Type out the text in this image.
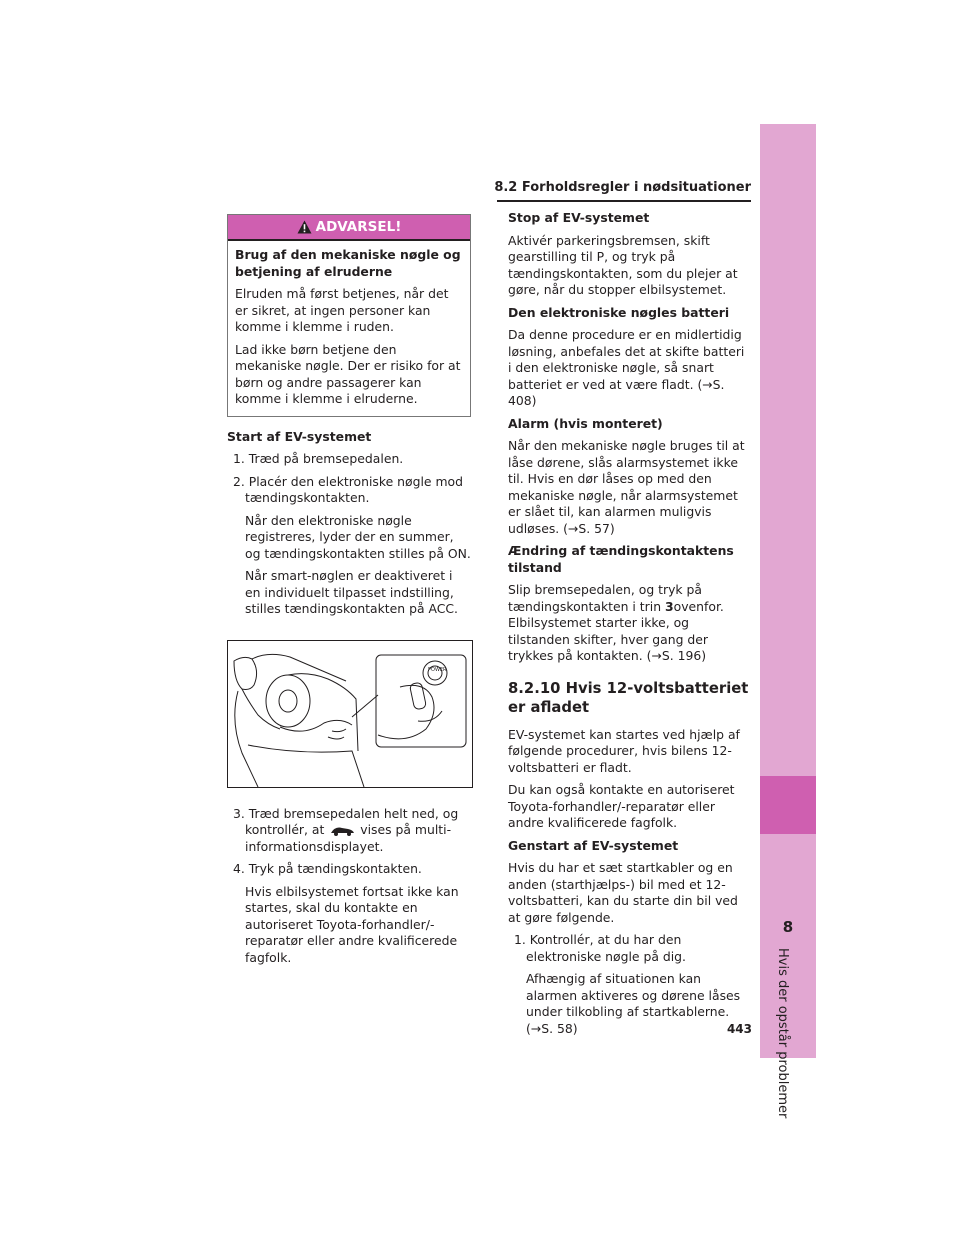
8
Hvis der opstår problemer
8.2 Forholdsregler i nødsituationer
ADVARSEL!

Brug af den mekaniske nøgle og betjening af elruderne

Elruden må først betjenes, når det er sikret, at ingen personer kan komme i klemme i ruden.

Lad ikke børn betjene den mekaniske nøgle. Der er risiko for at børn og andre passagerer kan komme i klemme i elruderne.

Start af EV-systemet

1. Træd på bremsepedalen.

2. Placér den elektroniske nøgle mod tændingskontakten.

Når den elektroniske nøgle registreres, lyder der en summer, og tændingskontakten stilles på ON.

Når smart-nøglen er deaktiveret i en individuelt tilpasset indstilling, stilles tændingskontakten på ACC.

POWER

3. Træd bremsepedalen helt ned, og kontrollér, at	vises på multi-informationsdisplayet.

4. Tryk på tændingskontakten.

Hvis elbilsystemet fortsat ikke kan startes, skal du kontakte en autoriseret Toyota-forhandler/-reparatør eller andre kvalificerede fagfolk.

Stop af EV-systemet

Aktivér parkeringsbremsen, skift gearstilling til P, og tryk på tændingskontakten, som du plejer at gøre, når du stopper elbilsystemet.

Den elektroniske nøgles batteri

Da denne procedure er en midlertidig løsning, anbefales det at skifte batteri i den elektroniske nøgle, så snart batteriet er ved at være fladt. (→S. 408)

Alarm (hvis monteret)

Når den mekaniske nøgle bruges til at låse dørene, slås alarmsystemet ikke til. Hvis en dør låses op med den mekaniske nøgle, når alarmsystemet er slået til, kan alarmen muligvis udløses. (→S. 57)

Ændring af tændingskontaktens tilstand

Slip bremsepedalen, og tryk på tændingskontakten i trin 3ovenfor. Elbilsystemet starter ikke, og tilstanden skifter, hver gang der trykkes på kontakten. (→S. 196)

8.2.10 Hvis 12-voltsbatteriet er afladet

EV-systemet kan startes ved hjælp af følgende procedurer, hvis bilens 12-voltsbatteri er fladt.

Du kan også kontakte en autoriseret Toyota-forhandler/-reparatør eller andre kvalificerede fagfolk.

Genstart af EV-systemet

Hvis du har et sæt startkabler og en anden (starthjælps-) bil med et 12-voltsbatteri, kan du starte din bil ved at gøre følgende.

1. Kontrollér, at du har den elektroniske nøgle på dig.

Afhængig af situationen kan alarmen aktiveres og dørene låses under tilkobling af startkablerne. (→S. 58)	443
